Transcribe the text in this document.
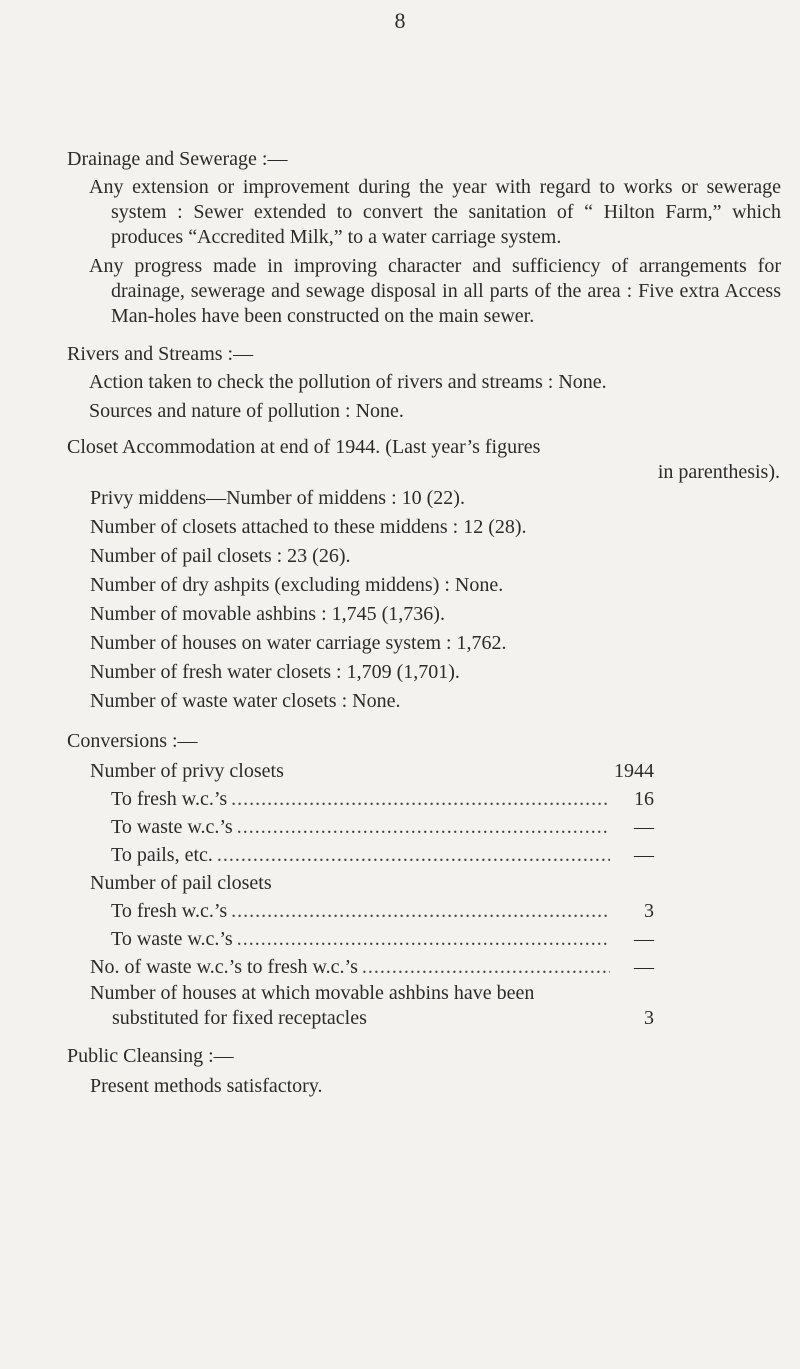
8
Drainage and Sewerage :—
Any extension or improvement during the year with regard to works or sewerage system : Sewer extended to convert the sanitation of “ Hilton Farm,” which produces “Accredited Milk,” to a water carriage system.
Any progress made in improving character and sufficiency of arrangements for drainage, sewerage and sewage disposal in all parts of the area : Five extra Access Man-holes have been constructed on the main sewer.
Rivers and Streams :—
Action taken to check the pollution of rivers and streams : None.
Sources and nature of pollution : None.
Closet Accommodation at end of 1944. (Last year’s figures
in parenthesis).
Privy middens—Number of middens : 10 (22).
Number of closets attached to these middens : 12 (28).
Number of pail closets : 23 (26).
Number of dry ashpits (excluding middens) : None.
Number of movable ashbins : 1,745 (1,736).
Number of houses on water carriage system : 1,762.
Number of fresh water closets : 1,709 (1,701).
Number of waste water closets : None.
Conversions :—
Number of privy closets	1944
To fresh w.c.’s .....	16
To waste w.c.’s .....	—
To pails, etc. .....	—
Number of pail closets
To fresh w.c.’s .....	3
To waste w.c.’s .....	—
No. of waste w.c.’s to fresh w.c.’s .....	—
Number of houses at which movable ashbins have been substituted for fixed receptacles	3
Public Cleansing :—
Present methods satisfactory.
